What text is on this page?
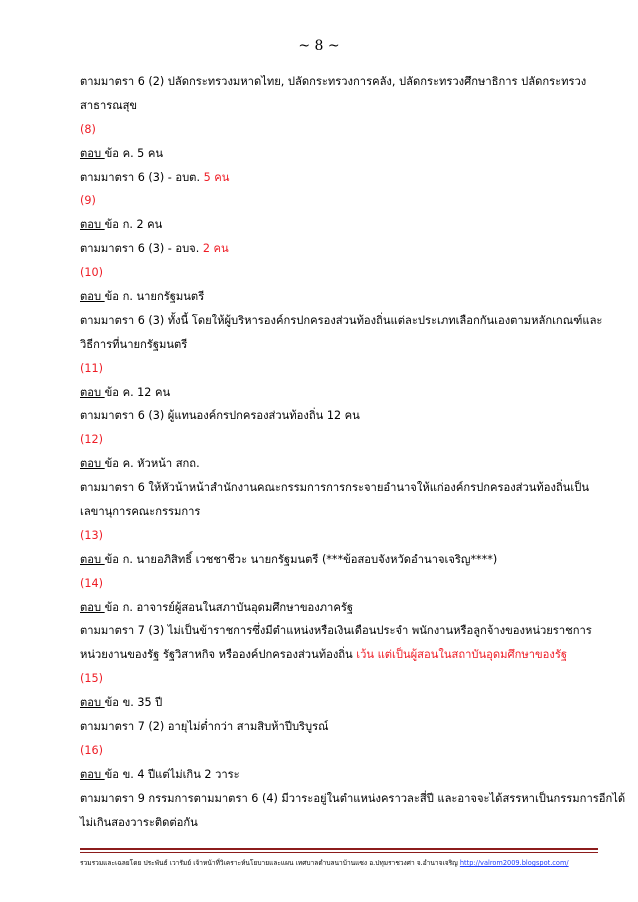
~ 8 ~
ตามมาตรา 6 (2) ปลัดกระทรวงมหาดไทย, ปลัดกระทรวงการคลัง, ปลัดกระทรวงศึกษาธิการ ปลัดกระทรวง
สาธารณสุข
(8)
ตอบ ข้อ ค. 5 คน
ตามมาตรา 6 (3) - อบต. 5 คน
(9)
ตอบ ข้อ ก. 2 คน
ตามมาตรา 6 (3) - อบจ. 2 คน
(10)
ตอบ ข้อ ก. นายกรัฐมนตรี
ตามมาตรา 6 (3) ทั้งนี้ โดยให้ผู้บริหารองค์กรปกครองส่วนท้องถิ่นแต่ละประเภทเลือกกันเองตามหลักเกณฑ์และ
วิธีการที่นายกรัฐมนตรี
(11)
ตอบ ข้อ ค. 12 คน
ตามมาตรา 6 (3) ผู้แทนองค์กรปกครองส่วนท้องถิ่น 12 คน
(12)
ตอบ ข้อ ค. หัวหน้า สกถ.
ตามมาตรา 6 ให้หัวน้าหน้าสำนักงานคณะกรรมการการกระจายอำนาจให้แก่องค์กรปกครองส่วนท้องถิ่นเป็น
เลขานุการคณะกรรมการ
(13)
ตอบ ข้อ ก. นายอภิสิทธิ์ เวชชาชีวะ นายกรัฐมนตรี (***ข้อสอบจังหวัดอำนาจเจริญ****)
(14)
ตอบ ข้อ ก. อาจารย์ผู้สอนในสภาบันอุดมศึกษาของภาครัฐ
ตามมาตรา 7 (3) ไม่เป็นข้าราชการซึ่งมีตำแหน่งหรือเงินเดือนประจำ พนักงานหรือลูกจ้างของหน่วยราชการ
หน่วยงานของรัฐ รัฐวิสาหกิจ หรือองค์ปกครองส่วนท้องถิ่น เว้น แต่เป็นผู้สอนในสถาบันอุดมศึกษาของรัฐ
(15)
ตอบ ข้อ ข. 35 ปี
ตามมาตรา 7 (2) อายุไม่ต่ำกว่า สามสิบห้าปีบริบูรณ์
(16)
ตอบ ข้อ ข. 4 ปีแต่ไม่เกิน 2 วาระ
ตามมาตรา 9 กรรมการตามมาตรา 6 (4) มีวาระอยู่ในตำแหน่งคราวละสี่ปี และอาจจะได้สรรหาเป็นกรรมการอีกได้
ไม่เกินสองวาระติดต่อกัน
รวมรวมและเฉลยโดย ประพันธ์ เวารัมย์ เจ้าหน้าที่วิเคราะห์นโยบายและแผน เทศบาลตำบลนาบ้านแซง อ.ปทุมราชวงศา จ.อำนาจเจริญ http://valrom2009.blogspot.com/
